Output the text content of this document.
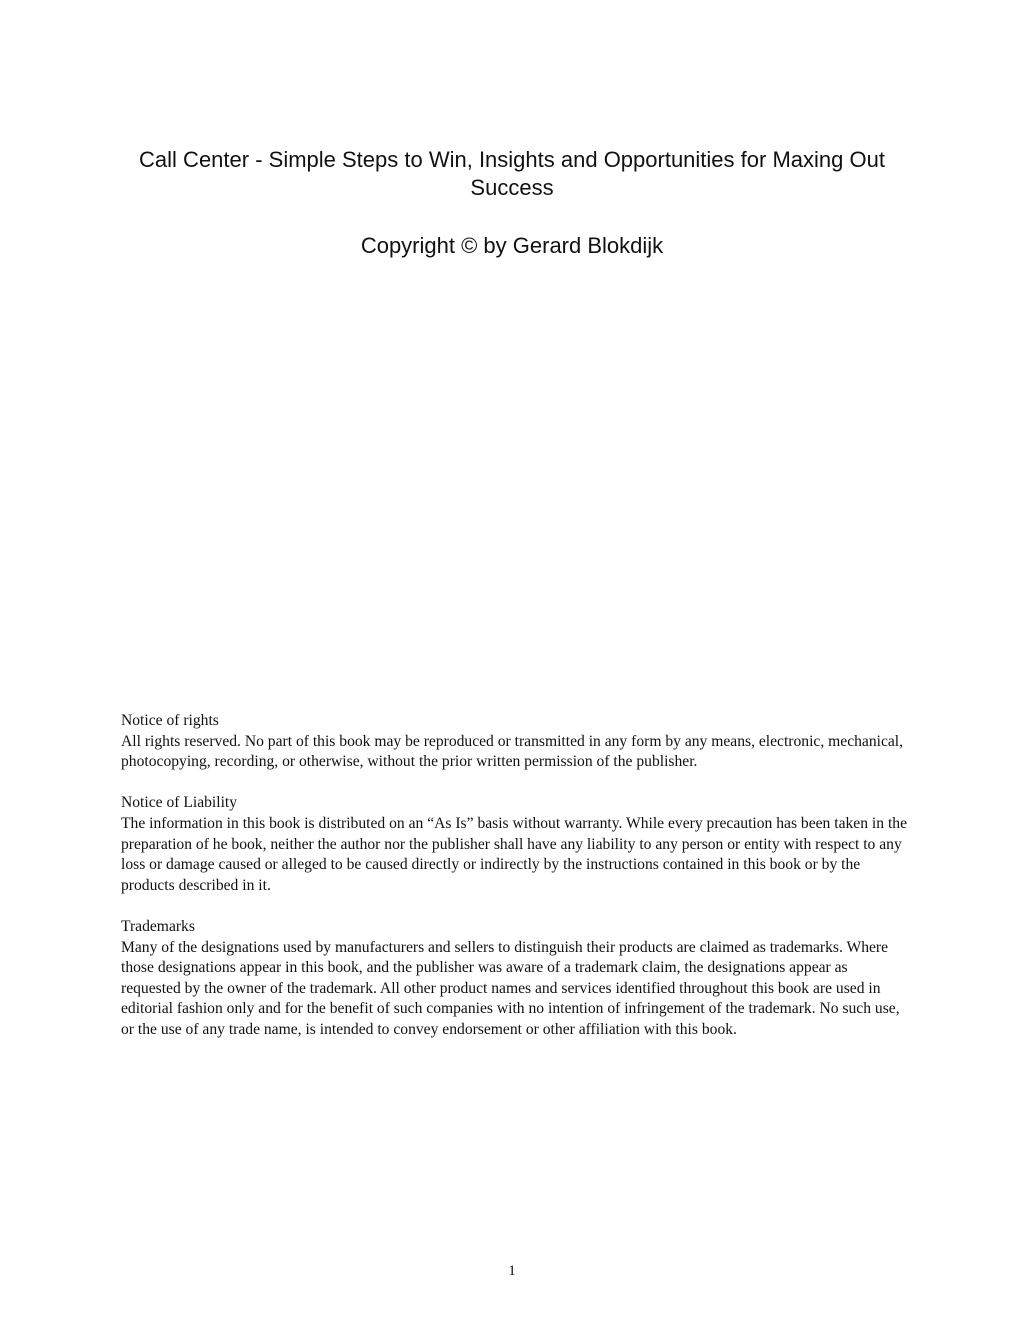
Call Center - Simple Steps to Win, Insights and Opportunities for Maxing Out
Success
Copyright © by Gerard Blokdijk

Notice of rights

All rights reserved. No part of this book may be reproduced or transmitted in any form by any means, electronic, mechanical, photocopying, recording, or otherwise, without the prior written permission of the publisher.

Notice of Liability

The information in this book is distributed on an “As Is” basis without warranty. While every precaution has been taken in the preparation of he book, neither the author nor the publisher shall have any liability to any person or entity with respect to any loss or damage caused or alleged to be caused directly or indirectly by the instructions contained in this book or by the products described in it.

Trademarks

Many of the designations used by manufacturers and sellers to distinguish their products are claimed as trademarks. Where those designations appear in this book, and the publisher was aware of a trademark claim, the designations appear as requested by the owner of the trademark. All other product names and services identified throughout this book are used in editorial fashion only and for the benefit of such companies with no intention of infringement of the trademark. No such use, or the use of any trade name, is intended to convey endorsement or other affiliation with this book.

1
